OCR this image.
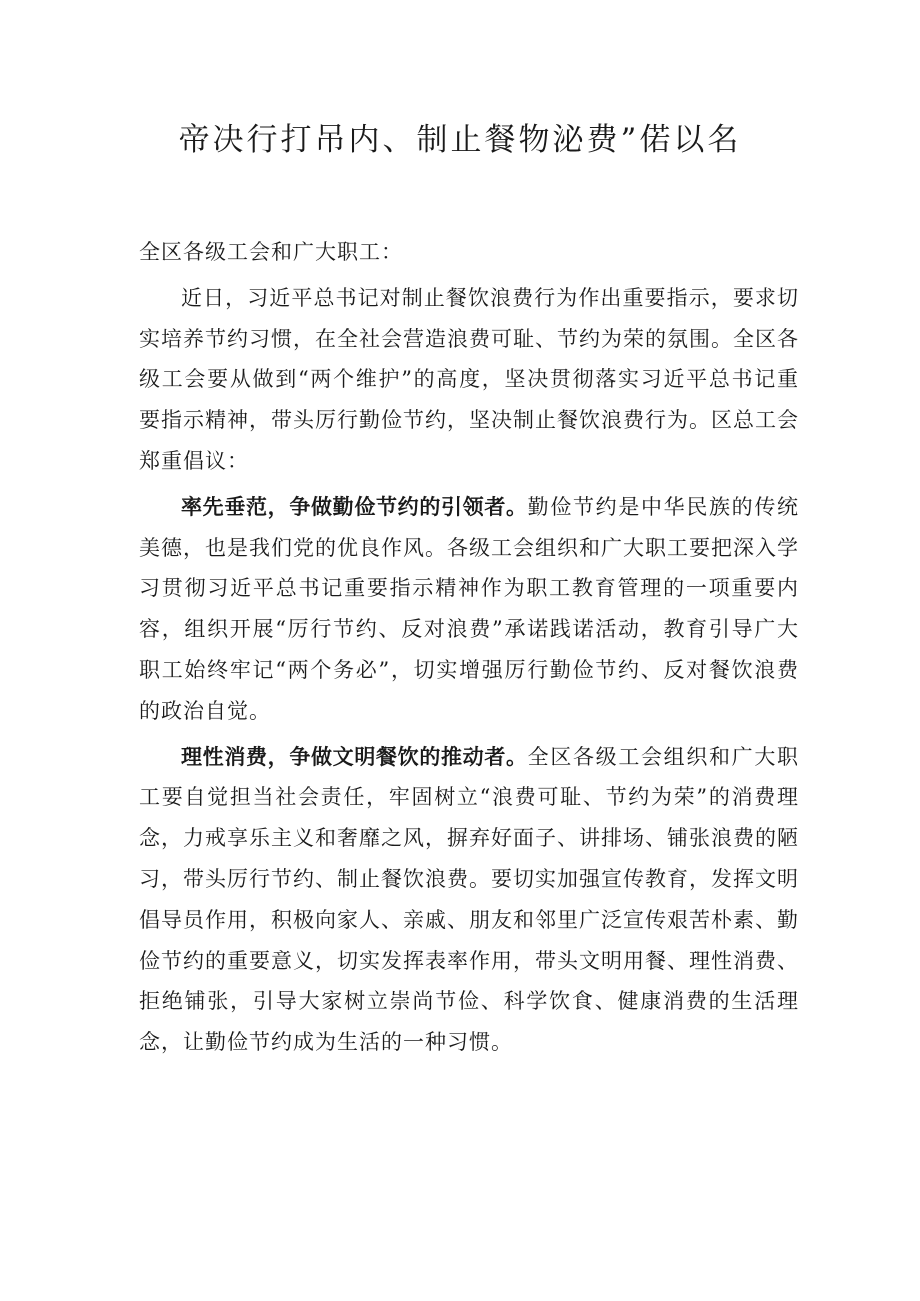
帝决行打吊内、制止餐物泌费”偌以名

全区各级工会和广大职工：

近日，习近平总书记对制止餐饮浪费行为作出重要指示，要求切实培养节约习惯，在全社会营造浪费可耻、节约为荣的氛围。全区各级工会要从做到“两个维护”的高度，坚决贯彻落实习近平总书记重要指示精神，带头厉行勤俭节约，坚决制止餐饮浪费行为。区总工会郑重倡议：

率先垂范，争做勤俭节约的引领者。勤俭节约是中华民族的传统美德，也是我们党的优良作风。各级工会组织和广大职工要把深入学习贯彻习近平总书记重要指示精神作为职工教育管理的一项重要内容，组织开展“厉行节约、反对浪费”承诺践诺活动，教育引导广大职工始终牢记“两个务必”，切实增强厉行勤俭节约、反对餐饮浪费的政治自觉。

理性消费，争做文明餐饮的推动者。全区各级工会组织和广大职工要自觉担当社会责任，牢固树立“浪费可耻、节约为荣”的消费理念，力戒享乐主义和奢靡之风，摒弃好面子、讲排场、铺张浪费的陋习，带头厉行节约、制止餐饮浪费。要切实加强宣传教育，发挥文明倡导员作用，积极向家人、亲戚、朋友和邻里广泛宣传艰苦朴素、勤俭节约的重要意义，切实发挥表率作用，带头文明用餐、理性消费、拒绝铺张，引导大家树立崇尚节俭、科学饮食、健康消费的生活理念，让勤俭节约成为生活的一种习惯。
